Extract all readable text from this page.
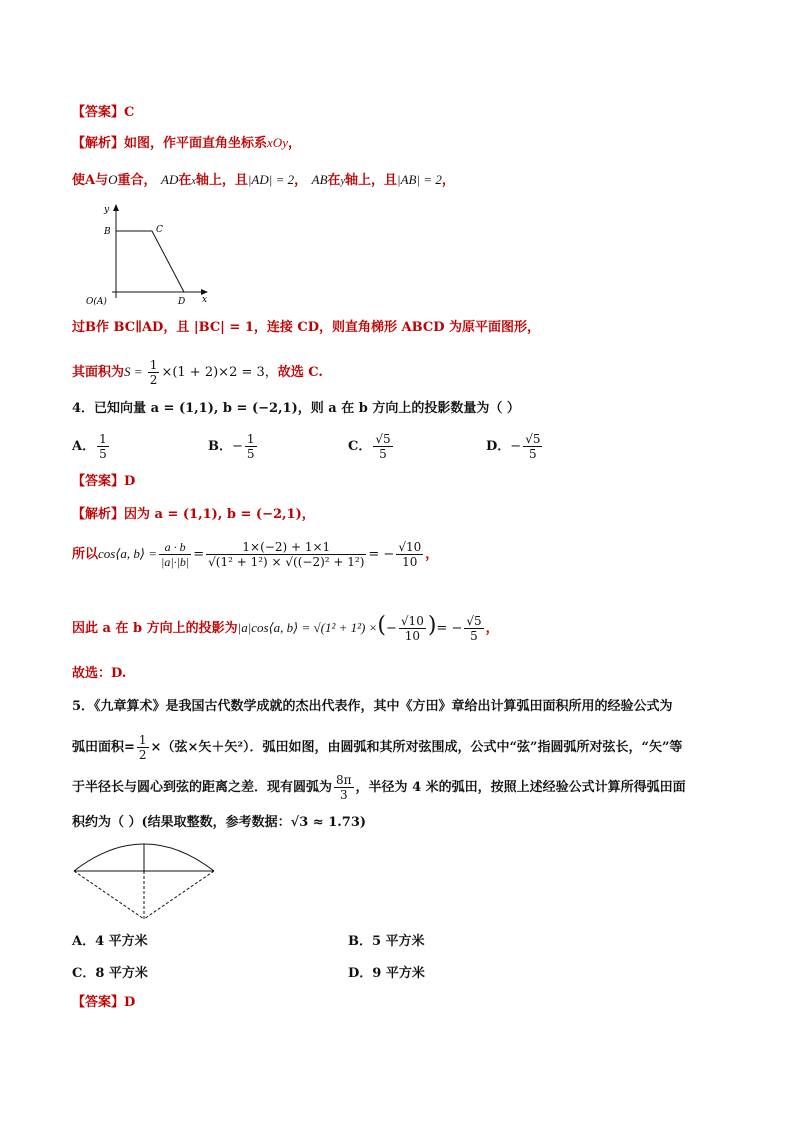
【答案】C
【解析】如图，作平面直角坐标系xOy，
使A与O重合， AD在x轴上，且|AD| = 2， AB在y轴上，且|AB| = 2，
y
B	C
O(A)	D x
过B作 BC∥AD，且 |BC| = 1，连接 CD，则直角梯形 ABCD 为原平面图形，
其面积为$S = \frac{1}{2} \times(1 + 2)\times 2 = 3$，故选 C.
4．已知向量 a = (1,1), b = (−2,1)，则 a 在 b 方向上的投影数量为（ ）
A． $\frac{1}{5}$	B．− $\frac{1}{5}$	C． $\frac{√5}{5}$	D．− $\frac{√5}{5}$
【答案】D
【解析】因为 a = (1,1), b = (−2,1)，
所以cos⟨a, b⟩ = $\frac{a \cdot b}{|a|\cdot|b|} = \frac{1\times(-2) + 1\times 1}{\text{√(1² + 1²) × √((−2)² + 1²)}}$ = − $\frac{√10}{10}$ ，
因此 a 在 b 方向上的投影为|a|cos⟨a, b⟩ = √(1² + 1²) ×(− $\frac{√10}{10}$ )= − $\frac{√5}{5}$ ，
故选：D.
5．《九章算术》是我国古代数学成就的杰出代表作，其中《方田》章给出计算弧田面积所用的经验公式为
弧田面积= $\frac{1}{2}$ ×（弦×矢＋矢²）．弧田如图，由圆弧和其所对弦围成，公式中“弦”指圆弧所对弦长，“矢”等
于半径长与圆心到弦的距离之差．现有圆弧为 $\frac{8\pi}{3}$ ，半径为 4 米的弧田，按照上述经验公式计算所得弧田面
积约为（ ）(结果取整数，参考数据：√3 ≈ 1.73)
A．4 平方米	B．5 平方米
C．8 平方米	D．9 平方米
【答案】D
